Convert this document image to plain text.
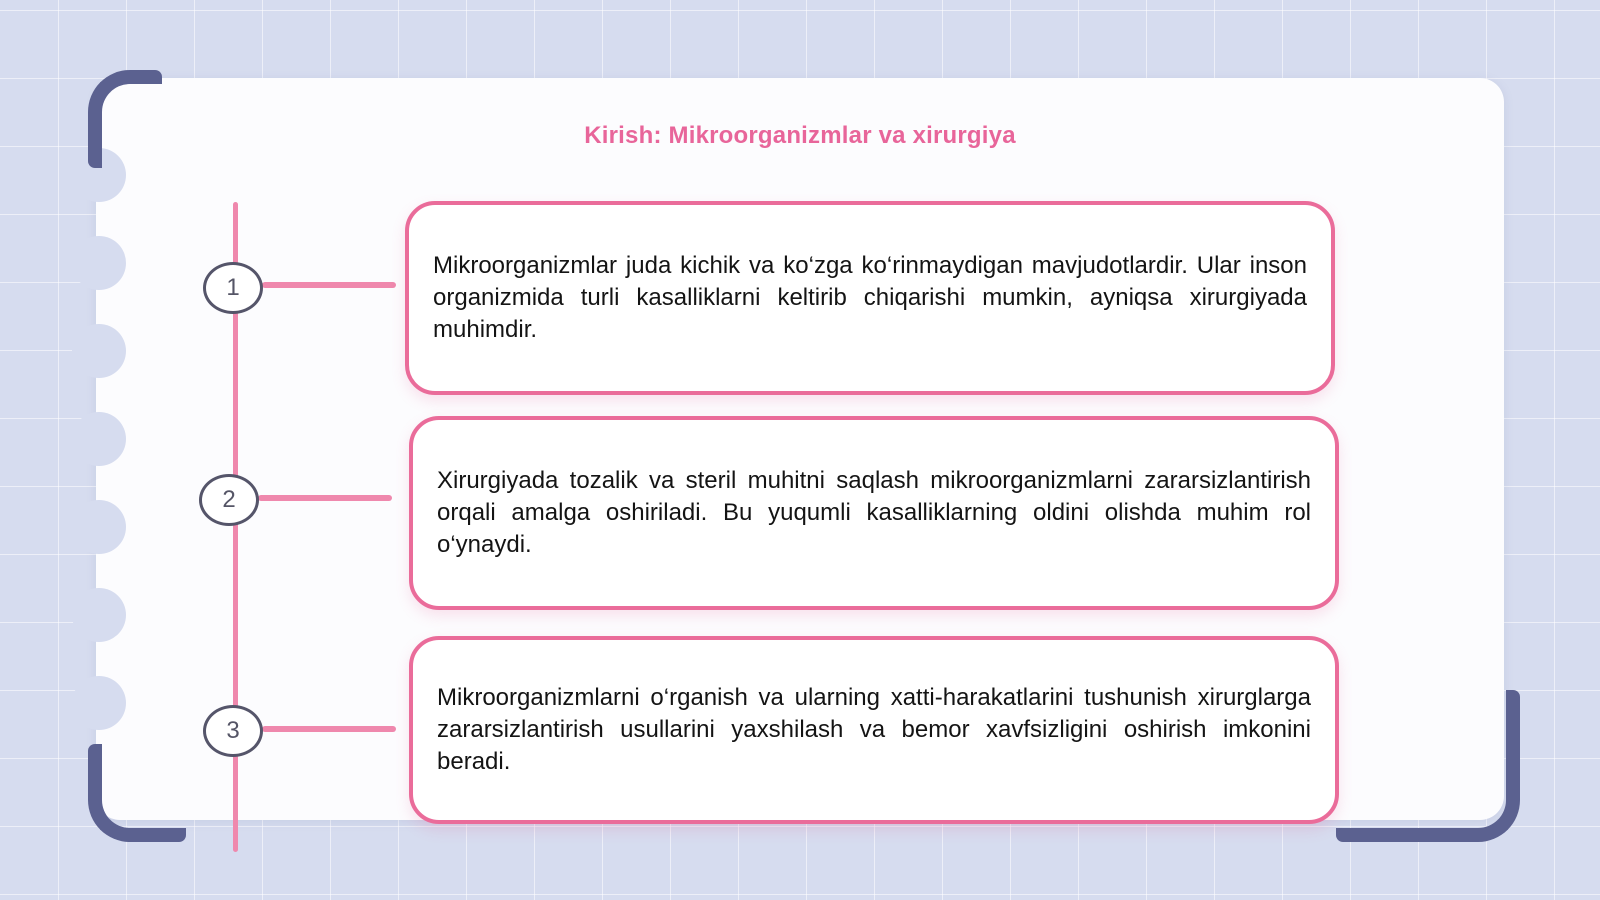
Kirish: Mikroorganizmlar va xirurgiya
1
2
3
Mikroorganizmlar juda kichik va ko‘zga ko‘rinmaydigan mavjudotlardir. Ular inson organizmida turli kasalliklarni keltirib chiqarishi mumkin, ayniqsa xirurgiyada muhimdir.
Xirurgiyada tozalik va steril muhitni saqlash mikroorganizmlarni zararsizlantirish orqali amalga oshiriladi. Bu yuqumli kasalliklarning oldini olishda muhim rol o‘ynaydi.
Mikroorganizmlarni o‘rganish va ularning xatti-harakatlarini tushunish xirurglarga zararsizlantirish usullarini yaxshilash va bemor xavfsizligini oshirish imkonini beradi.
